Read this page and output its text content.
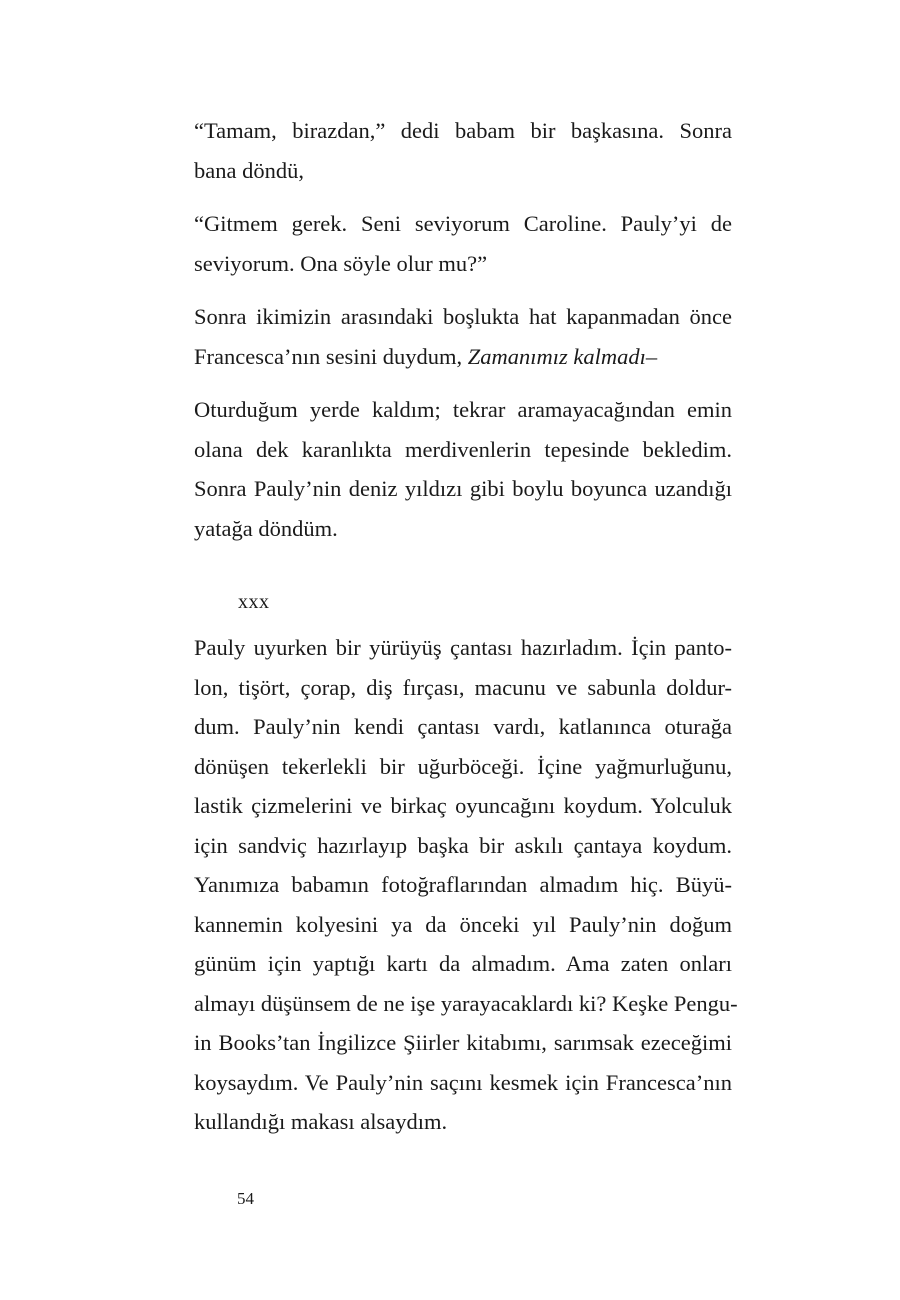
“Tamam, birazdan,” dedi babam bir başkasına. Sonra
bana döndü,
“Gitmem gerek. Seni seviyorum Caroline. Pauly’yi de
seviyorum. Ona söyle olur mu?”
Sonra ikimizin arasındaki boşlukta hat kapanmadan önce
Francesca’nın sesini duydum, Zamanımız kalmadı–
Oturduğum yerde kaldım; tekrar aramayacağından emin
olana dek karanlıkta merdivenlerin tepesinde bekledim.
Sonra Pauly’nin deniz yıldızı gibi boylu boyunca uzandığı
yatağa döndüm.
xxx
Pauly uyurken bir yürüyüş çantası hazırladım. İçin panto-
lon, tişört, çorap, diş fırçası, macunu ve sabunla doldur-
dum. Pauly’nin kendi çantası vardı, katlanınca oturağa
dönüşen tekerlekli bir uğurböceği. İçine yağmurluğunu,
lastik çizmelerini ve birkaç oyuncağını koydum. Yolculuk
için sandviç hazırlayıp başka bir askılı çantaya koydum.
Yanımıza babamın fotoğraflarından almadım hiç. Büyü-
kannemin kolyesini ya da önceki yıl Pauly’nin doğum
günüm için yaptığı kartı da almadım. Ama zaten onları
almayı düşünsem de ne işe yarayacaklardı ki? Keşke Pengu-
in Books’tan İngilizce Şiirler kitabımı, sarımsak ezeceğimi
koysaydım. Ve Pauly’nin saçını kesmek için Francesca’nın
kullandığı makası alsaydım.
54
